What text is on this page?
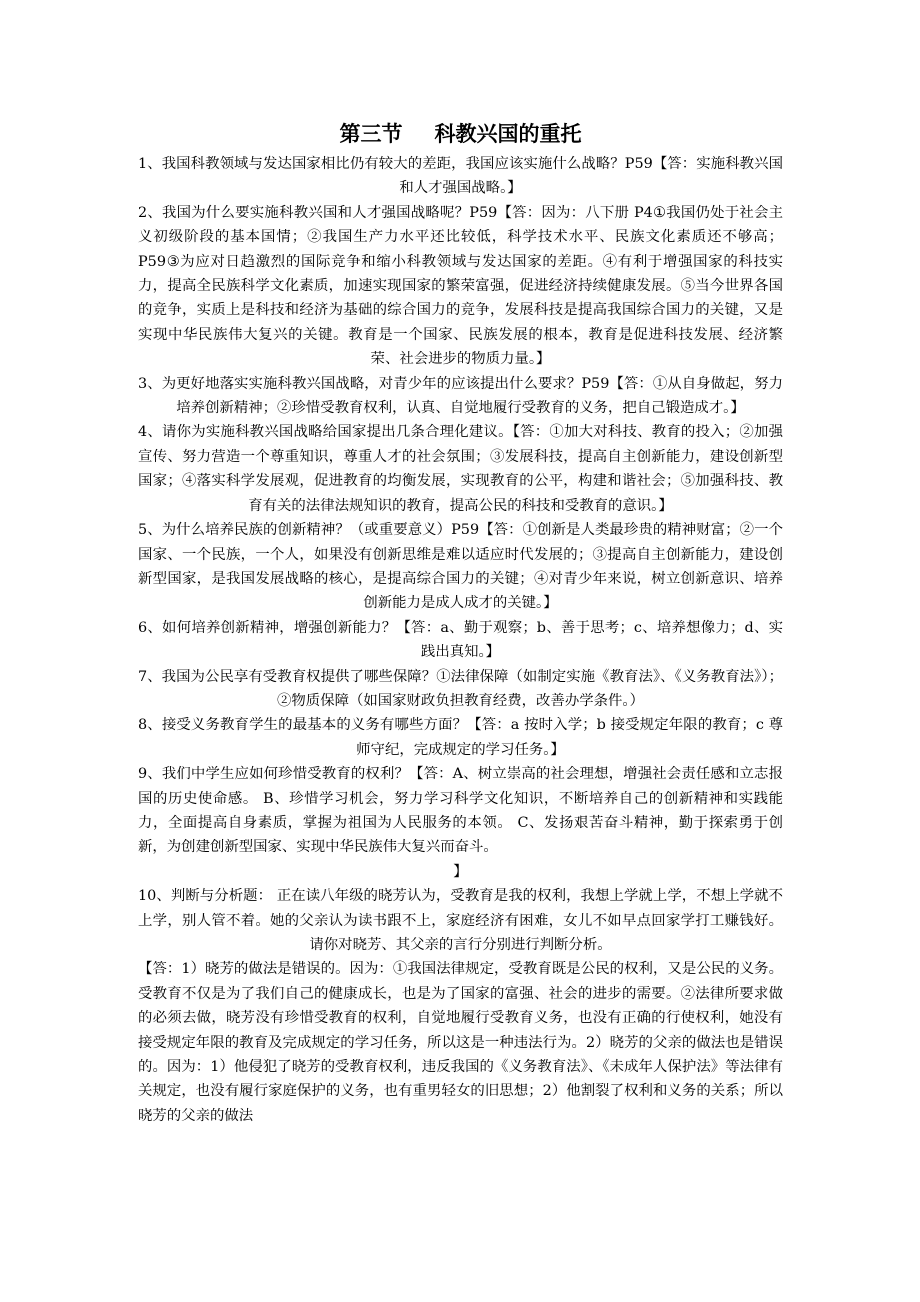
第三节 科教兴国的重托

1、我国科教领域与发达国家相比仍有较大的差距，我国应该实施什么战略？P59【答：实施科教兴国和人才强国战略。】

2、我国为什么要实施科教兴国和人才强国战略呢？P59【答：因为：八下册 P4①我国仍处于社会主义初级阶段的基本国情；②我国生产力水平还比较低，科学技术水平、民族文化素质还不够高；P59③为应对日趋激烈的国际竞争和缩小科教领域与发达国家的差距。④有利于增强国家的科技实力，提高全民族科学文化素质，加速实现国家的繁荣富强，促进经济持续健康发展。⑤当今世界各国的竞争，实质上是科技和经济为基础的综合国力的竞争，发展科技是提高我国综合国力的关键，又是实现中华民族伟大复兴的关键。教育是一个国家、民族发展的根本，教育是促进科技发展、经济繁荣、社会进步的物质力量。】

3、为更好地落实实施科教兴国战略，对青少年的应该提出什么要求？P59【答：①从自身做起，努力培养创新精神；②珍惜受教育权利，认真、自觉地履行受教育的义务，把自己锻造成才。】

4、请你为实施科教兴国战略给国家提出几条合理化建议。【答：①加大对科技、教育的投入；②加强宣传、努力营造一个尊重知识，尊重人才的社会氛围；③发展科技，提高自主创新能力，建设创新型国家；④落实科学发展观，促进教育的均衡发展，实现教育的公平，构建和谐社会；⑤加强科技、教育有关的法律法规知识的教育，提高公民的科技和受教育的意识。】

5、为什么培养民族的创新精神？（或重要意义）P59【答：①创新是人类最珍贵的精神财富；②一个国家、一个民族，一个人，如果没有创新思维是难以适应时代发展的；③提高自主创新能力，建设创新型国家，是我国发展战略的核心，是提高综合国力的关键；④对青少年来说，树立创新意识、培养创新能力是成人成才的关键。】

6、如何培养创新精神，增强创新能力？【答：a、勤于观察；b、善于思考；c、培养想像力；d、实践出真知。】

7、我国为公民享有受教育权提供了哪些保障？①法律保障（如制定实施《教育法》、《义务教育法》）；②物质保障（如国家财政负担教育经费，改善办学条件。）

8、接受义务教育学生的最基本的义务有哪些方面？【答：a 按时入学；b 接受规定年限的教育；c 尊师守纪，完成规定的学习任务。】

9、我们中学生应如何珍惜受教育的权利？【答：A、树立崇高的社会理想，增强社会责任感和立志报国的历史使命感。 B、珍惜学习机会，努力学习科学文化知识，不断培养自己的创新精神和实践能力，全面提高自身素质，掌握为祖国为人民服务的本领。 C、发扬艰苦奋斗精神，勤于探索勇于创新，为创建创新型国家、实现中华民族伟大复兴而奋斗。

】

10、判断与分析题： 正在读八年级的晓芳认为，受教育是我的权利，我想上学就上学，不想上学就不上学，别人管不着。她的父亲认为读书跟不上，家庭经济有困难，女儿不如早点回家学打工赚钱好。请你对晓芳、其父亲的言行分别进行判断分析。

【答：1）晓芳的做法是错误的。因为：①我国法律规定，受教育既是公民的权利，又是公民的义务。受教育不仅是为了我们自己的健康成长，也是为了国家的富强、社会的进步的需要。②法律所要求做的必须去做，晓芳没有珍惜受教育的权利，自觉地履行受教育义务，也没有正确的行使权利，她没有接受规定年限的教育及完成规定的学习任务，所以这是一种违法行为。2）晓芳的父亲的做法也是错误的。因为：1）他侵犯了晓芳的受教育权利，违反我国的《义务教育法》、《未成年人保护法》等法律有关规定，也没有履行家庭保护的义务，也有重男轻女的旧思想；2）他割裂了权利和义务的关系；所以晓芳的父亲的做法
